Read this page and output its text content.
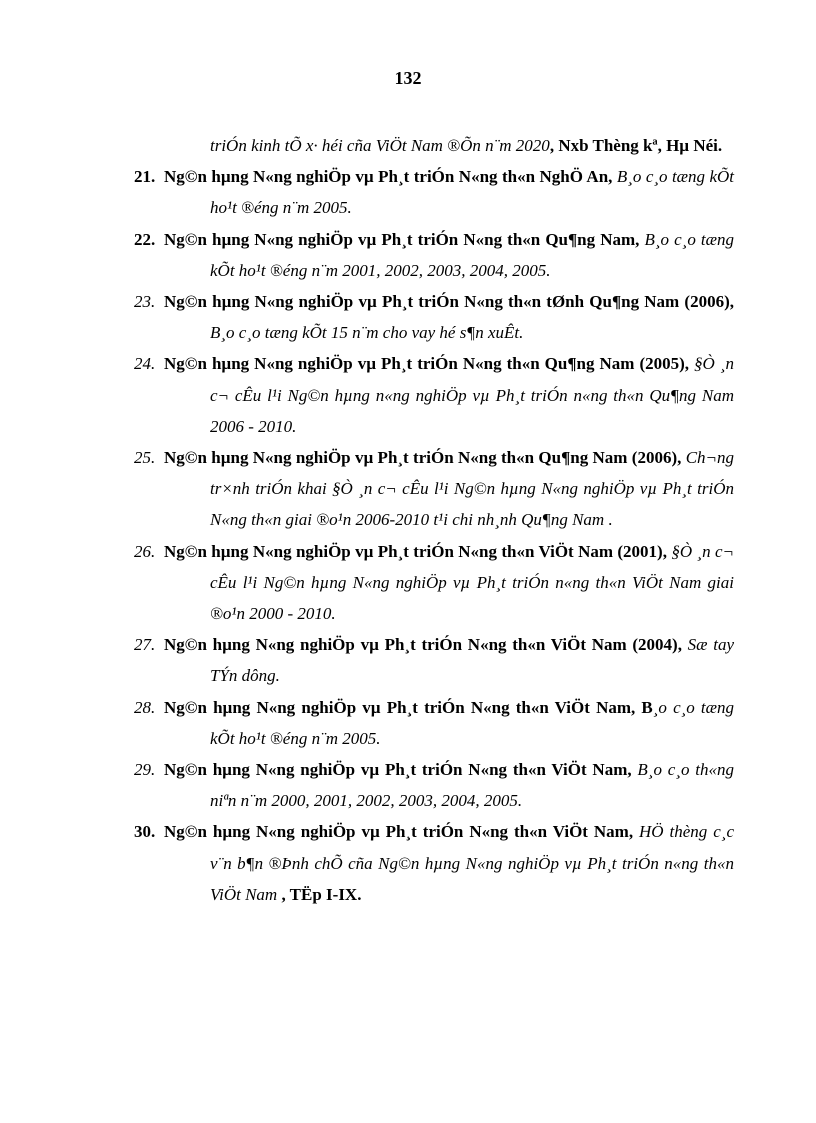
132
triÓn kinh tÕ x· héi cña ViÖt Nam ®Õn n¨m 2020, Nxb Thèng kª, Hµ Néi.
21. Ng©n hµng N«ng nghiÖp vµ Ph¸t triÓn N«ng th«n NghÖ An, B¸o c¸o tæng kÕt ho¹t ®éng n¨m 2005.
22. Ng©n hµng N«ng nghiÖp vµ Ph¸t triÓn N«ng th«n Qu¶ng Nam, B¸o c¸o tæng kÕt ho¹t ®éng n¨m 2001, 2002, 2003, 2004, 2005.
23. Ng©n hµng N«ng nghiÖp vµ Ph¸t triÓn N«ng th«n tØnh Qu¶ng Nam (2006), B¸o c¸o tæng kÕt 15 n¨m cho vay hé s¶n xuÊt.
24. Ng©n hµng N«ng nghiÖp vµ Ph¸t triÓn N«ng th«n Qu¶ng Nam (2005), §Ò ¸n c¬ cÊu l¹i Ng©n hµng n«ng nghiÖp vµ Ph¸t triÓn n«ng th«n Qu¶ng Nam 2006 - 2010.
25. Ng©n hµng N«ng nghiÖp vµ Ph¸t triÓn N«ng th«n Qu¶ng Nam (2006), Ch¬ng tr×nh triÓn khai §Ò ¸n c¬ cÊu l¹i Ng©n hµng N«ng nghiÖp vµ Ph¸t triÓn N«ng th«n giai ®o¹n 2006-2010 t¹i chi nh¸nh Qu¶ng Nam .
26. Ng©n hµng N«ng nghiÖp vµ Ph¸t triÓn N«ng th«n ViÖt Nam (2001), §Ò ¸n c¬ cÊu l¹i Ng©n hµng N«ng nghiÖp vµ Ph¸t triÓn n«ng th«n ViÖt Nam giai ®o¹n 2000 - 2010.
27. Ng©n hµng N«ng nghiÖp vµ Ph¸t triÓn N«ng th«n ViÖt Nam (2004), Sæ tay TÝn dông.
28. Ng©n hµng N«ng nghiÖp vµ Ph¸t triÓn N«ng th«n ViÖt Nam, B¸o c¸o tæng kÕt ho¹t ®éng n¨m 2005.
29. Ng©n hµng N«ng nghiÖp vµ Ph¸t triÓn N«ng th«n ViÖt Nam, B¸o c¸o th«ng niªn n¨m 2000, 2001, 2002, 2003, 2004, 2005.
30. Ng©n hµng N«ng nghiÖp vµ Ph¸t triÓn N«ng th«n ViÖt Nam, HÖ thèng c¸c v¨n b¶n ®Þnh chÕ cña Ng©n hµng N«ng nghiÖp vµ Ph¸t triÓn n«ng th«n ViÖt Nam , TËp I-IX.
